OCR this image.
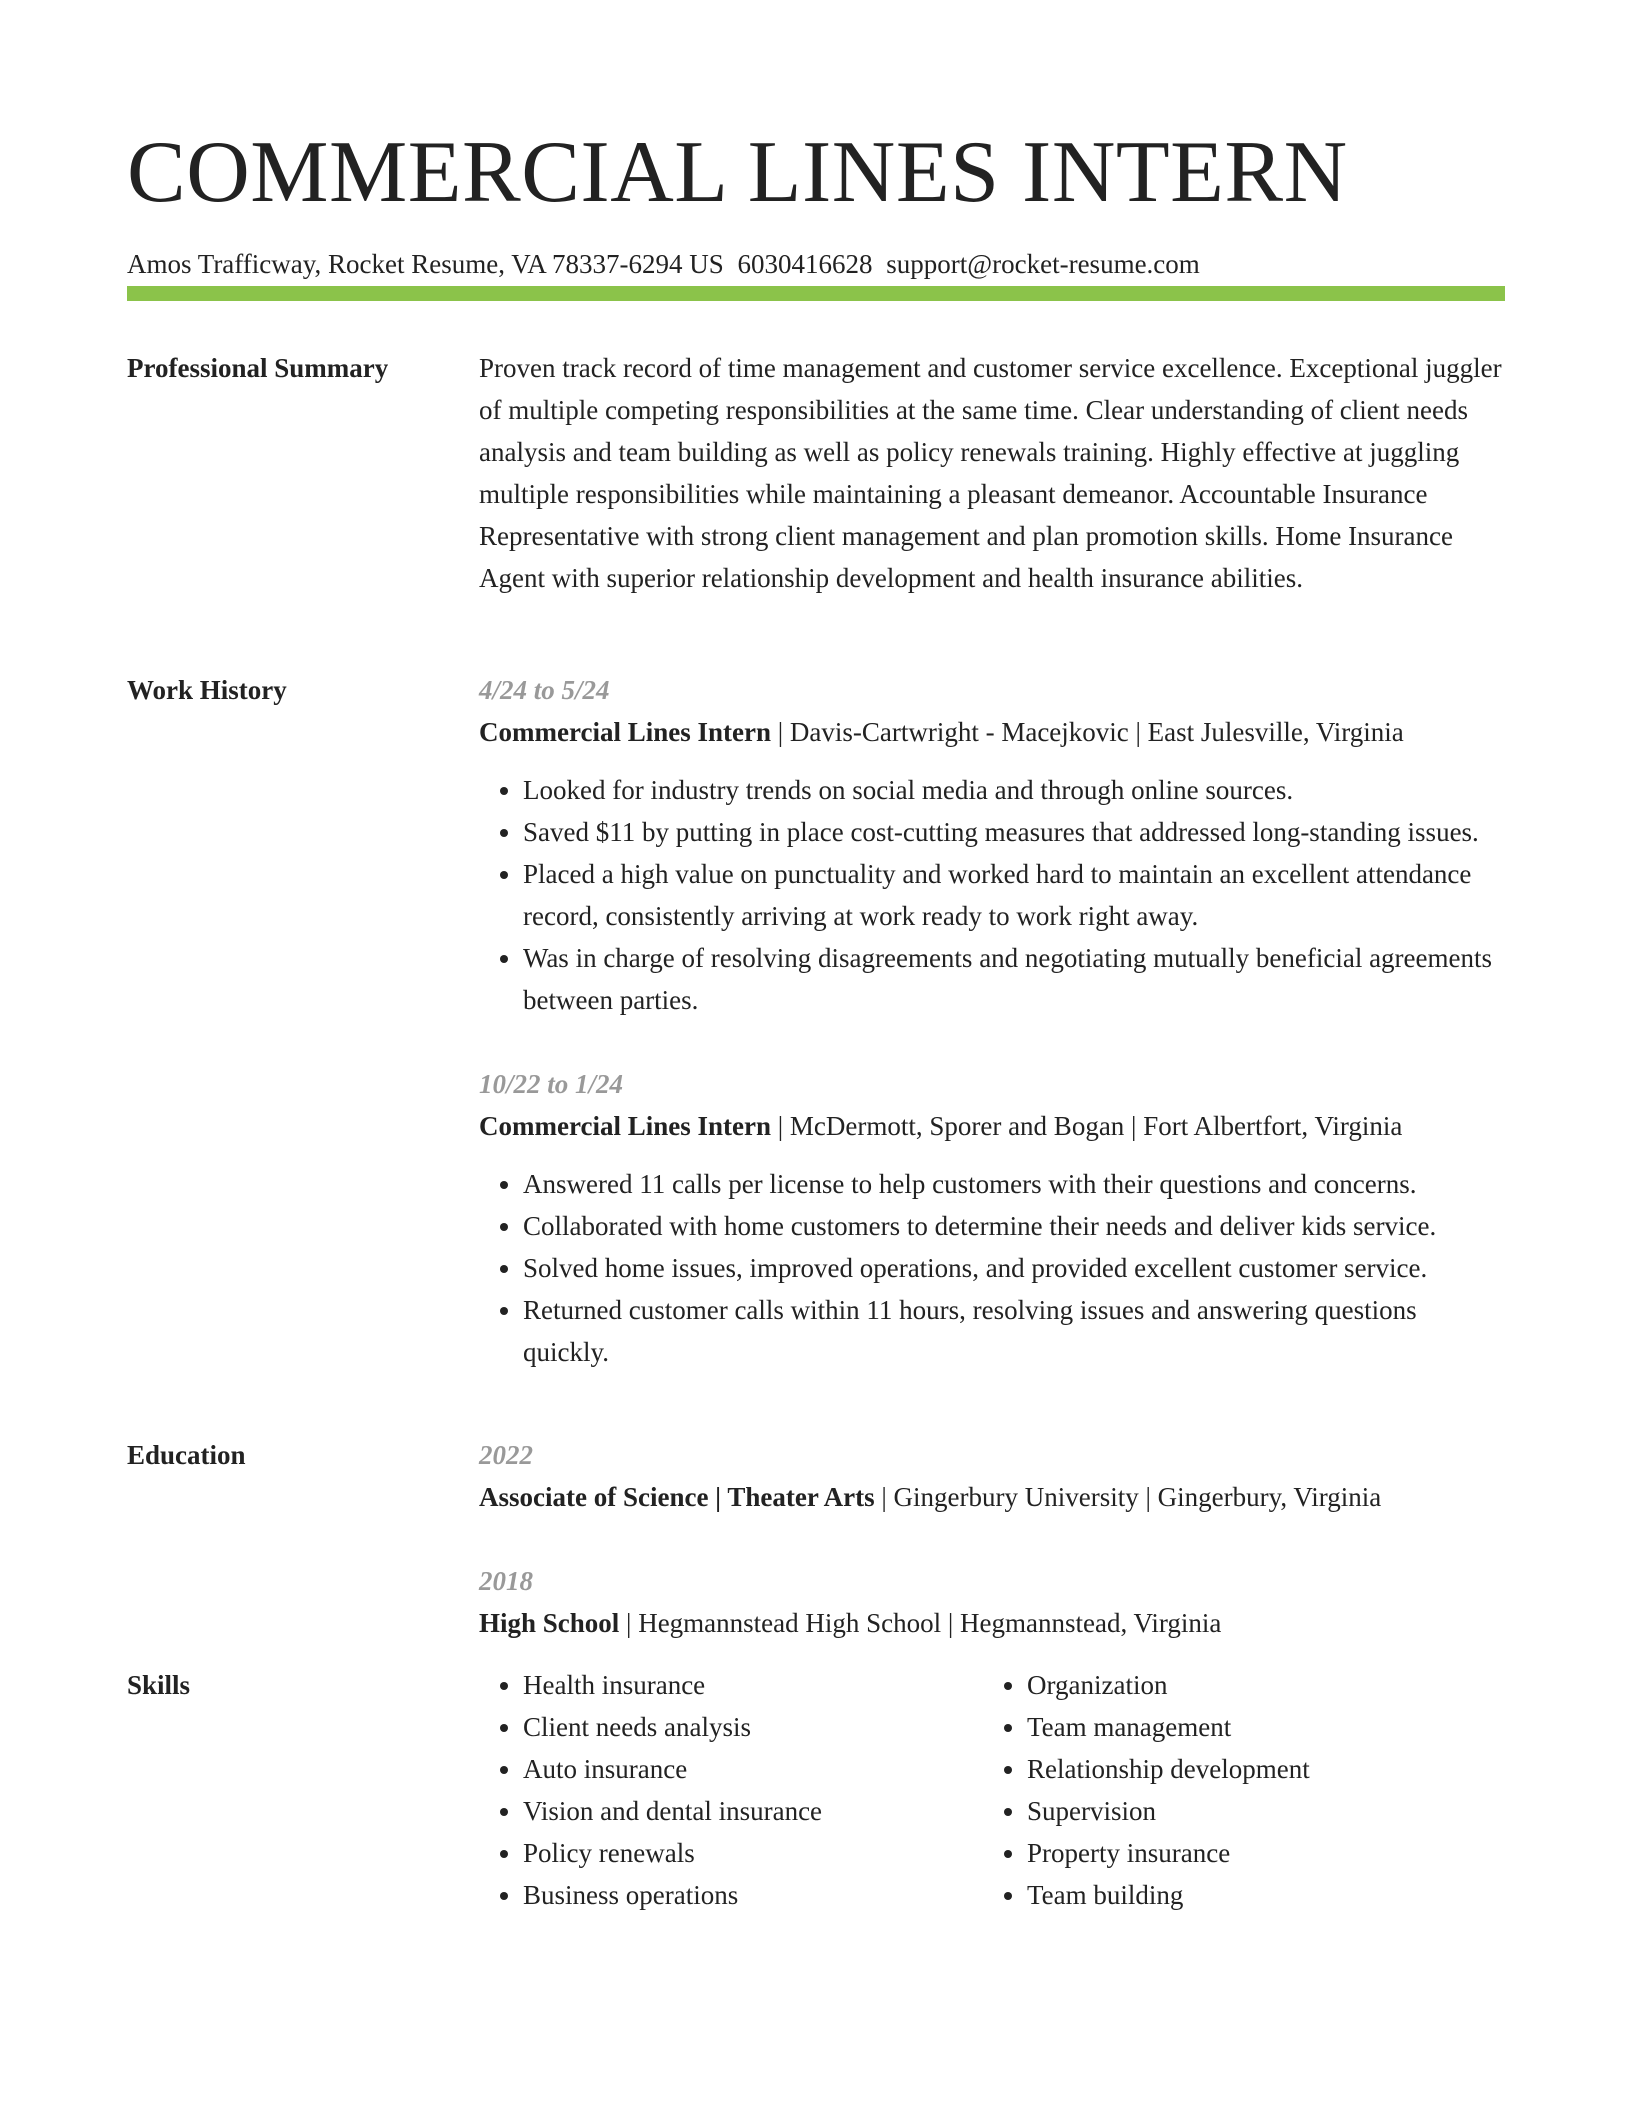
COMMERCIAL LINES INTERN
Amos Trafficway, Rocket Resume, VA 78337-6294 US 6030416628 support@rocket-resume.com
Professional Summary	Proven track record of time management and customer service excellence. Exceptional juggler of multiple competing responsibilities at the same time. Clear understanding of client needs analysis and team building as well as policy renewals training. Highly effective at juggling multiple responsibilities while maintaining a pleasant demeanor. Accountable Insurance Representative with strong client management and plan promotion skills. Home Insurance Agent with superior relationship development and health insurance abilities.

Work History	4/24 to 5/24
Commercial Lines Intern | Davis-Cartwright - Macejkovic | East Julesville, Virginia
• Looked for industry trends on social media and through online sources.
• Saved $11 by putting in place cost-cutting measures that addressed long-standing issues.
• Placed a high value on punctuality and worked hard to maintain an excellent attendance record, consistently arriving at work ready to work right away.
• Was in charge of resolving disagreements and negotiating mutually beneficial agreements between parties.
10/22 to 1/24
Commercial Lines Intern | McDermott, Sporer and Bogan | Fort Albertfort, Virginia
• Answered 11 calls per license to help customers with their questions and concerns.
• Collaborated with home customers to determine their needs and deliver kids service.
• Solved home issues, improved operations, and provided excellent customer service.
• Returned customer calls within 11 hours, resolving issues and answering questions quickly.
Education	2022
Associate of Science | Theater Arts | Gingerbury University | Gingerbury, Virginia
2018
High School | Hegmannstead High School | Hegmannstead, Virginia
Skills
•	Health insurance
• Client needs analysis
• Auto insurance
• Vision and dental insurance
• Policy renewals
• Business operations
• Organization
• Team management
• Relationship development
• Supervision
• Property insurance
• Team building
